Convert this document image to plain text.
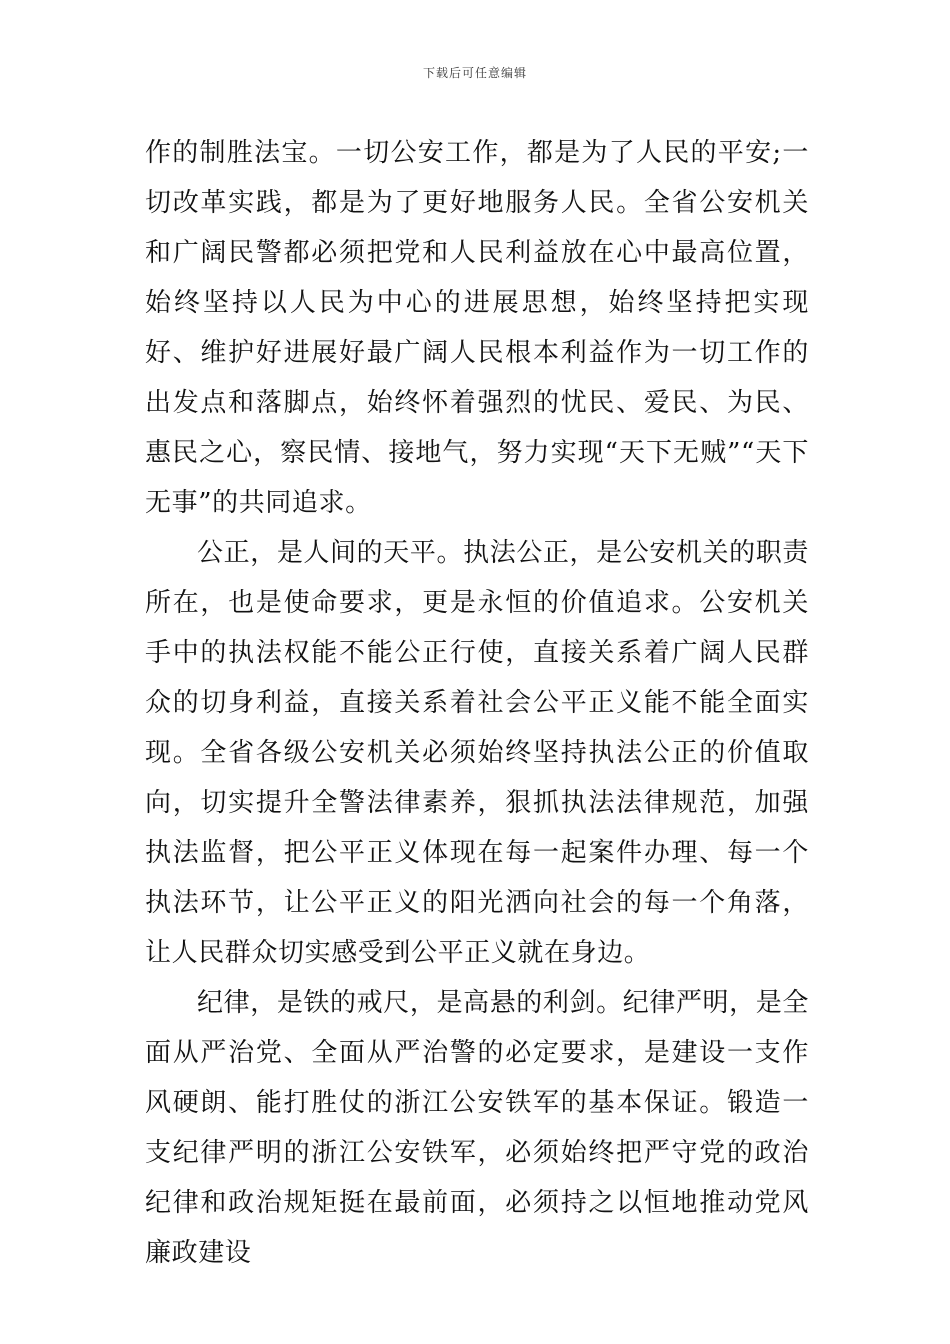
下载后可任意编辑

作的制胜法宝。一切公安工作，都是为了人民的平安;一切改革实践，都是为了更好地服务人民。全省公安机关和广阔民警都必须把党和人民利益放在心中最高位置，始终坚持以人民为中心的进展思想，始终坚持把实现好、维护好进展好最广阔人民根本利益作为一切工作的出发点和落脚点，始终怀着强烈的忧民、爱民、为民、惠民之心，察民情、接地气，努力实现“天下无贼”“天下无事”的共同追求。

公正，是人间的天平。执法公正，是公安机关的职责所在，也是使命要求，更是永恒的价值追求。公安机关手中的执法权能不能公正行使，直接关系着广阔人民群众的切身利益，直接关系着社会公平正义能不能全面实现。全省各级公安机关必须始终坚持执法公正的价值取向，切实提升全警法律素养，狠抓执法法律规范，加强执法监督，把公平正义体现在每一起案件办理、每一个执法环节，让公平正义的阳光洒向社会的每一个角落，让人民群众切实感受到公平正义就在身边。

纪律，是铁的戒尺，是高悬的利剑。纪律严明，是全面从严治党、全面从严治警的必定要求，是建设一支作风硬朗、能打胜仗的浙江公安铁军的基本保证。锻造一支纪律严明的浙江公安铁军，必须始终把严守党的政治纪律和政治规矩挺在最前面，必须持之以恒地推动党风廉政建设
